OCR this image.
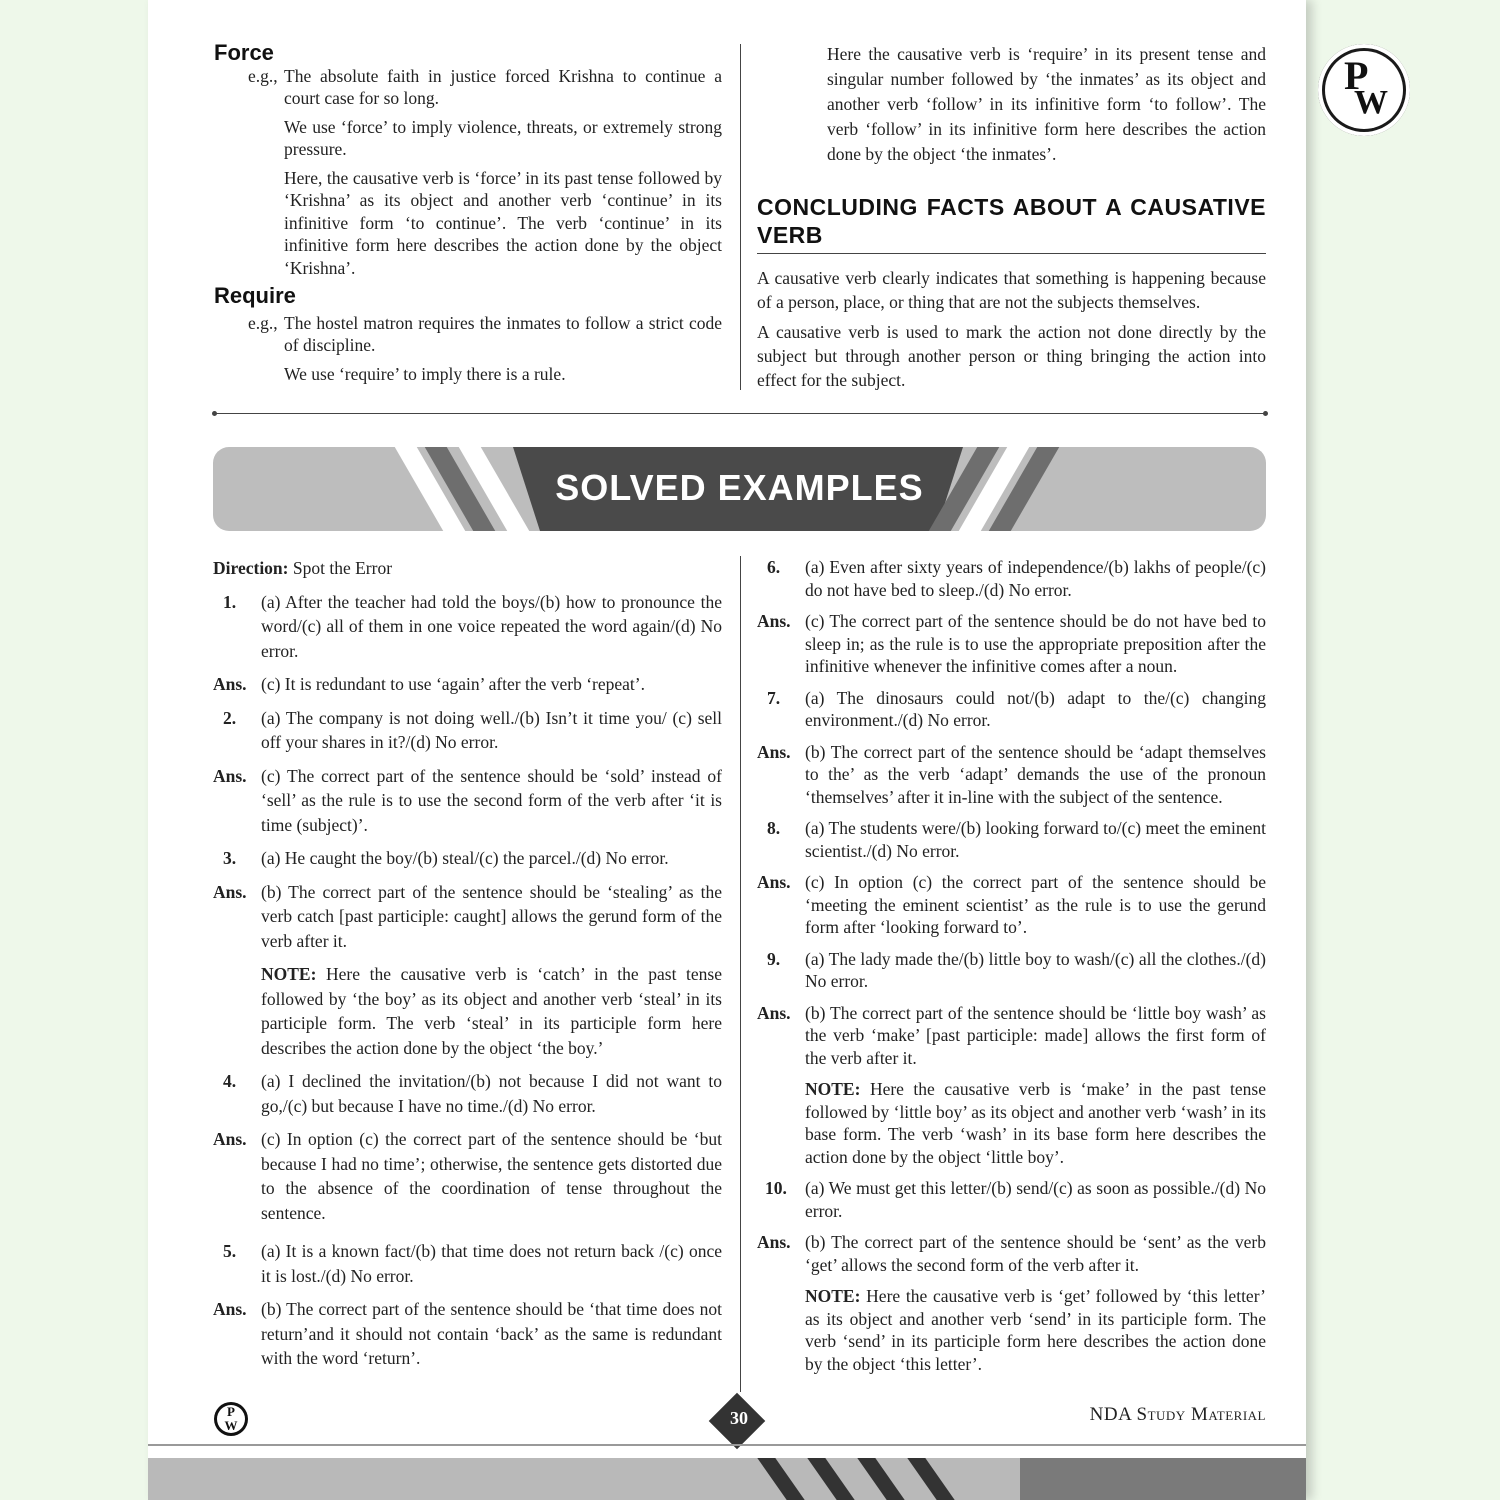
P
W
Force
e.g., The absolute faith in justice forced Krishna to continue a court case for so long.

We use ‘force’ to imply violence, threats, or extremely strong pressure.

Here, the causative verb is ‘force’ in its past tense followed by ‘Krishna’ as its object and another verb ‘continue’ in its infinitive form ‘to continue’. The verb ‘continue’ in its infinitive form here describes the action done by the object ‘Krishna’.

Require
e.g., The hostel matron requires the inmates to follow a strict code of discipline.

We use ‘require’ to imply there is a rule.

Here the causative verb is ‘require’ in its present tense and singular number followed by ‘the inmates’ as its object and another verb ‘follow’ in its infinitive form ‘to follow’. The verb ‘follow’ in its infinitive form here describes the action done by the object ‘the inmates’.

CONCLUDING FACTS ABOUT A CAUSATIVE VERB

A causative verb clearly indicates that something is happening because of a person, place, or thing that are not the subjects themselves.

A causative verb is used to mark the action not done directly by the subject but through another person or thing bringing the action into effect for the subject.

SOLVED EXAMPLES

Direction: Spot the Error

1.	(a) After the teacher had told the boys/(b) how to pronounce the word/(c) all of them in one voice repeated the word again/(d) No error.
Ans. (c) It is redundant to use ‘again’ after the verb ‘repeat’.
2.	(a) The company is not doing well./(b) Isn’t it time you/ (c) sell off your shares in it?/(d) No error.
Ans. (c) The correct part of the sentence should be ‘sold’ instead of ‘sell’ as the rule is to use the second form of the verb after ‘it is time (subject)’.
3.	(a) He caught the boy/(b) steal/(c) the parcel./(d) No error.
Ans. (b) The correct part of the sentence should be ‘stealing’ as the verb catch [past participle: caught] allows the gerund form of the verb after it.

NOTE: Here the causative verb is ‘catch’ in the past tense followed by ‘the boy’ as its object and another verb ‘steal’ in its participle form. The verb ‘steal’ in its participle form here describes the action done by the object ‘the boy.’

4.	(a) I declined the invitation/(b) not because I did not want to go,/(c) but because I have no time./(d) No error.
Ans. (c) In option (c) the correct part of the sentence should be ‘but because I had no time’; otherwise, the sentence gets distorted due to the absence of the coordination of tense throughout the sentence.
5.	(a) It is a known fact/(b) that time does not return back /(c) once it is lost./(d) No error.
Ans. (b) The correct part of the sentence should be ‘that time does not return’and it should not contain ‘back’ as the same is redundant with the word ‘return’.
6.	(a) Even after sixty years of independence/(b) lakhs of people/(c) do not have bed to sleep./(d) No error.
Ans. (c) The correct part of the sentence should be do not have bed to sleep in; as the rule is to use the appropriate preposition after the infinitive whenever the infinitive comes after a noun.
7.	(a) The dinosaurs could not/(b) adapt to the/(c) changing environment./(d) No error.
Ans. (b) The correct part of the sentence should be ‘adapt themselves to the’ as the verb ‘adapt’ demands the use of the pronoun ‘themselves’ after it in-line with the subject of the sentence.
8.	(a) The students were/(b) looking forward to/(c) meet the eminent scientist./(d) No error.
Ans. (c) In option (c) the correct part of the sentence should be ‘meeting the eminent scientist’ as the rule is to use the gerund form after ‘looking forward to’.
9.	(a) The lady made the/(b) little boy to wash/(c) all the clothes./(d) No error.
Ans. (b) The correct part of the sentence should be ‘little boy wash’ as the verb ‘make’ [past participle: made] allows the first form of the verb after it.

NOTE: Here the causative verb is ‘make’ in the past tense followed by ‘little boy’ as its object and another verb ‘wash’ in its base form. The verb ‘wash’ in its base form here describes the action done by the object ‘little boy’.

10.	(a) We must get this letter/(b) send/(c) as soon as possible./(d) No error.
Ans. (b) The correct part of the sentence should be ‘sent’ as the verb ‘get’ allows the second form of the verb after it.

NOTE: Here the causative verb is ‘get’ followed by ‘this letter’ as its object and another verb ‘send’ in its participle form. The verb ‘send’ in its participle form here describes the action done by the object ‘this letter’.

P
W	30	NDA Study Material
